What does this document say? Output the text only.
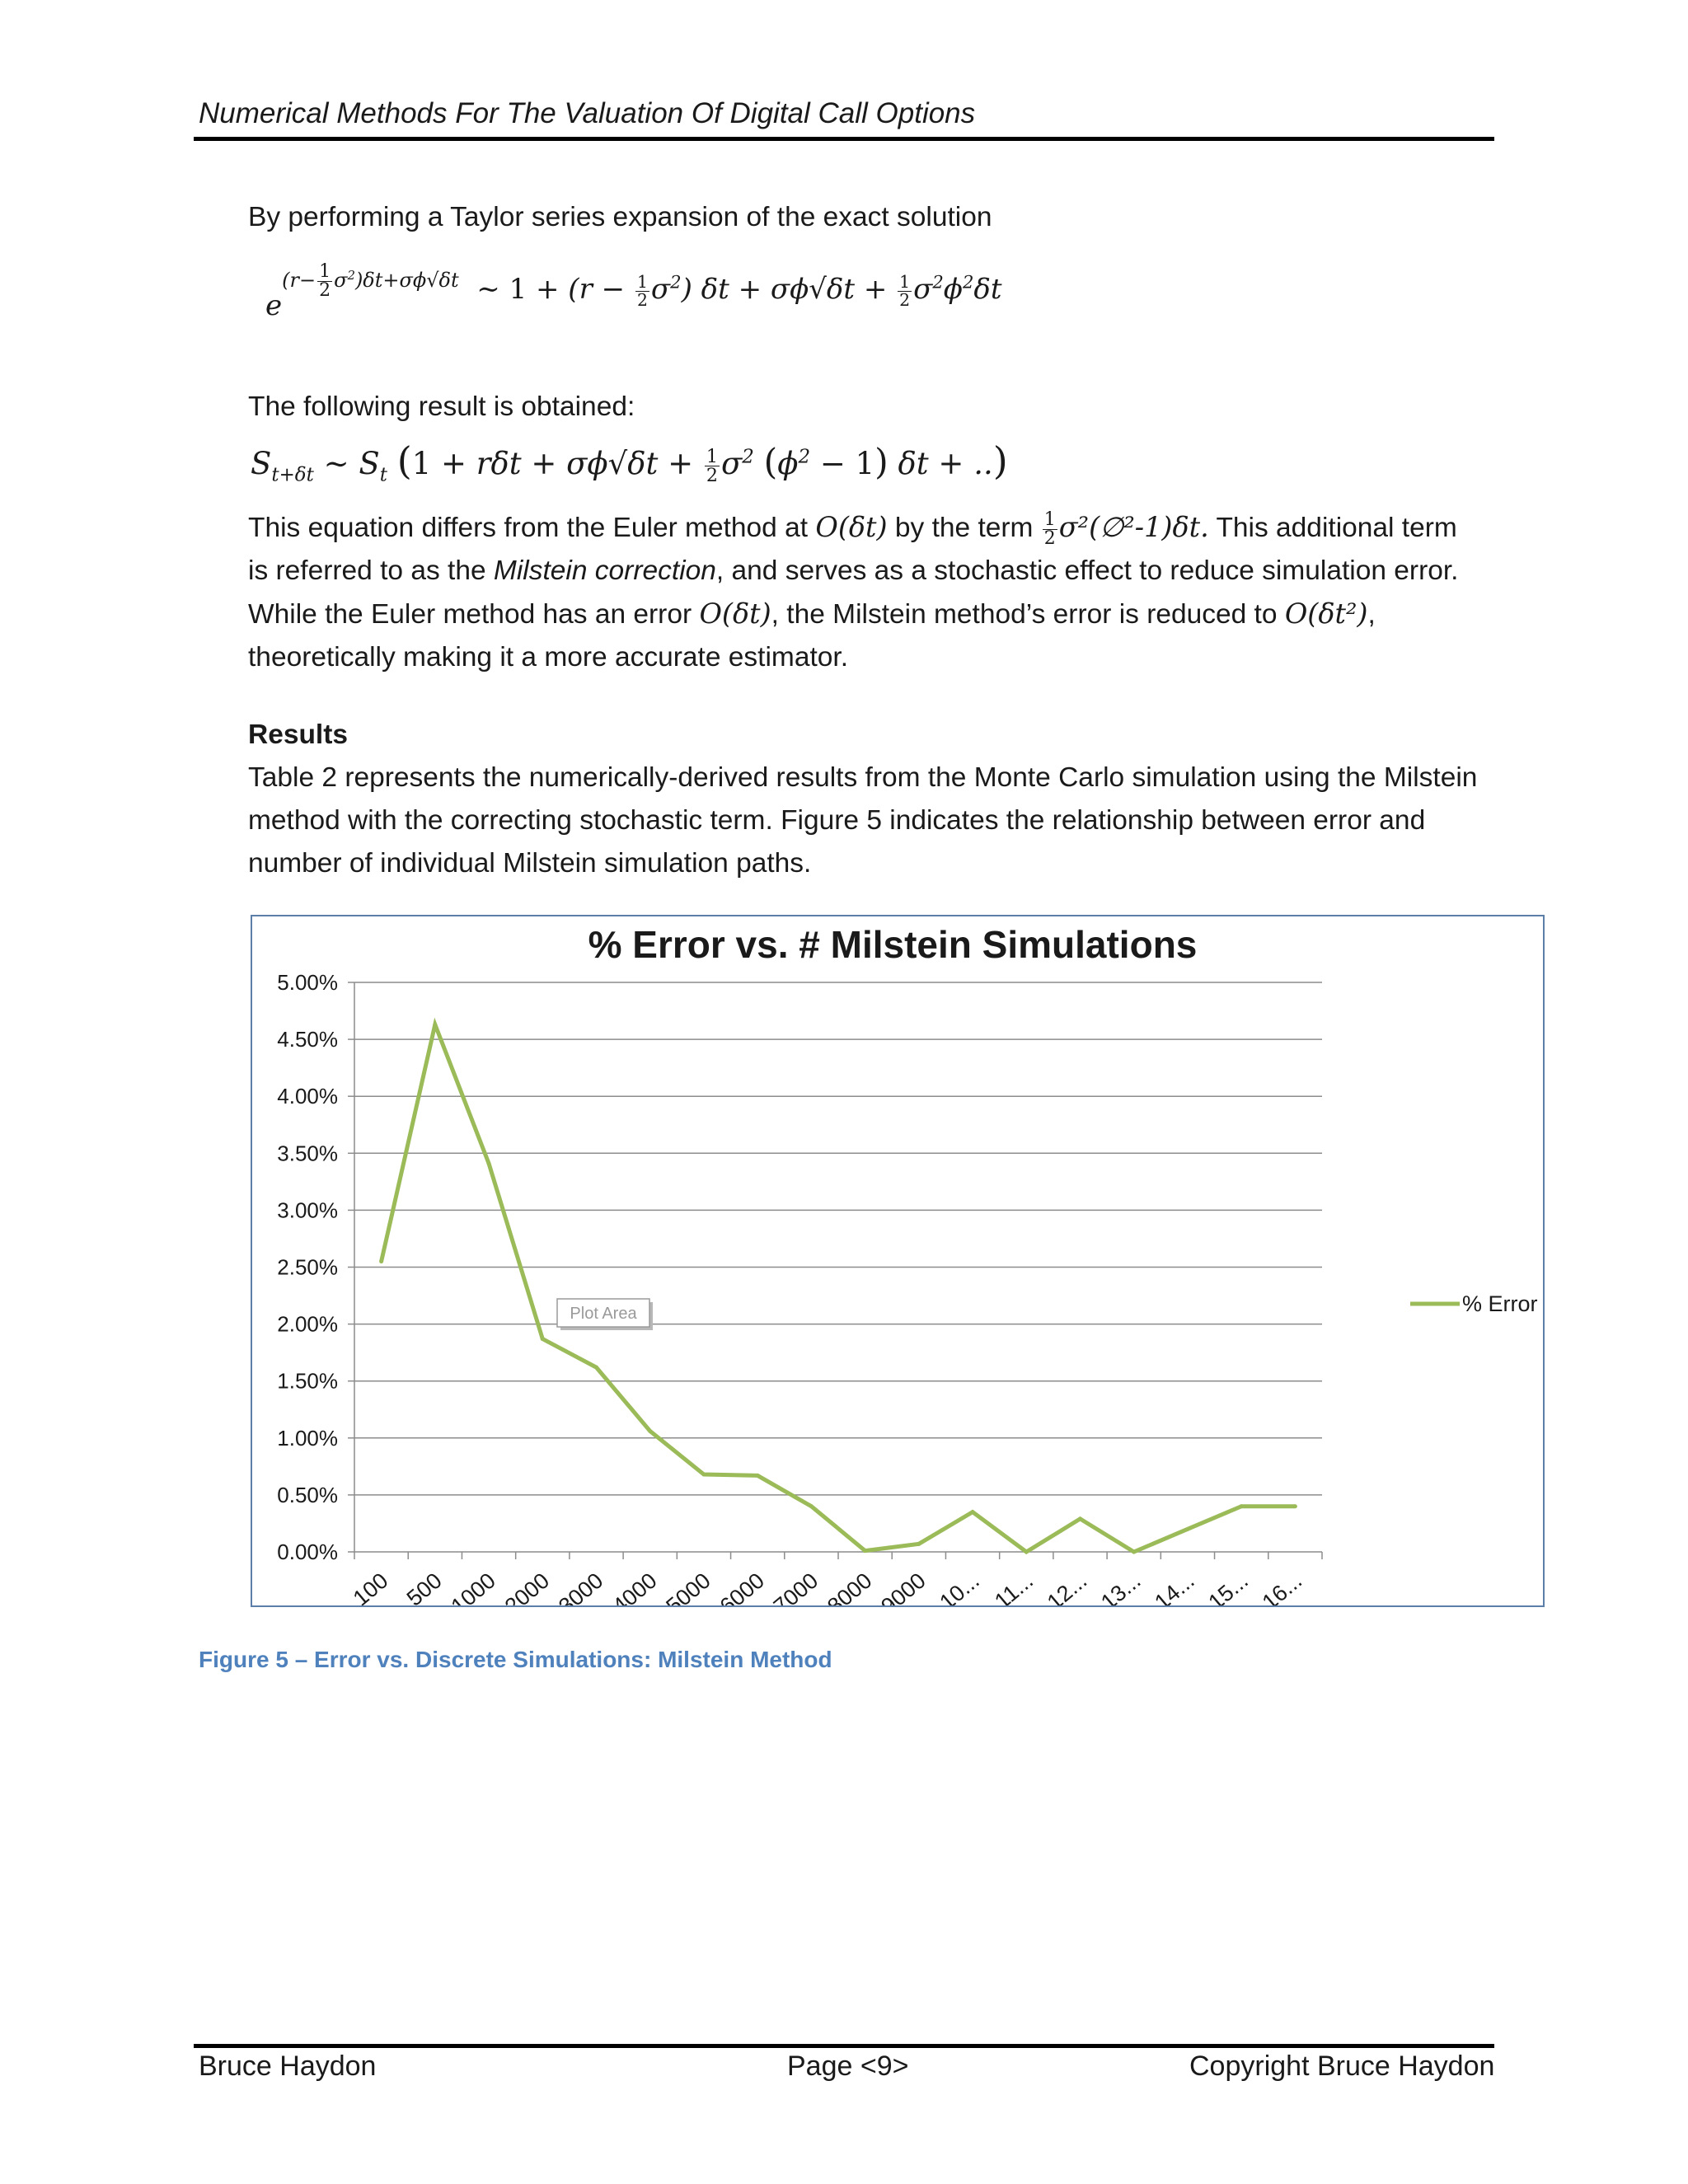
Numerical Methods For The Valuation Of Digital Call Options
By performing a Taylor series expansion of the exact solution
$e^{(r- \frac{1}{2} \sigma^2)\delta t+\sigma\phi√\delta t}$  ∼ $1 + (r - \frac{1}{2} \sigma^2)$ $\delta t + \sigma\phi√\delta t + \frac{1}{2} \sigma^2\phi^2\delta t$
The following result is obtained:
$S_{t+\delta t}$ ∼ $S_t$ ($1 + r\delta t + \sigma\phi√\delta t + \frac{1}{2} \sigma^2$ $(\phi^2 - 1) \delta t$ + ..)
This equation differs from the Euler method at O(δt) by the term $\frac{1}{2}$ σ²(∅²-1)δt. This additional term is referred to as the Milstein correction, and serves as a stochastic effect to reduce simulation error. While the Euler method has an error O(δt), the Milstein method’s error is reduced to O(δt²), theoretically making it a more accurate estimator.
Results
Table 2 represents the numerically-derived results from the Monte Carlo simulation using the Milstein method with the correcting stochastic term. Figure 5 indicates the relationship between error and number of individual Milstein simulation paths.
% Error vs. # Milstein Simulations
0.00%
0.50%
1.00%
1.50%
2.00%
2.50%
3.00%
3.50%
4.00%
4.50%
5.00%
100 500 1000 2000 3000 4000 5000 6000 7000 8000 9000 10... 11... 12... 13... 14... 15... 16...
% Error
Plot Area
Figure 5 – Error vs. Discrete Simulations: Milstein Method
Bruce Haydon	Page <9>	Copyright Bruce Haydon
